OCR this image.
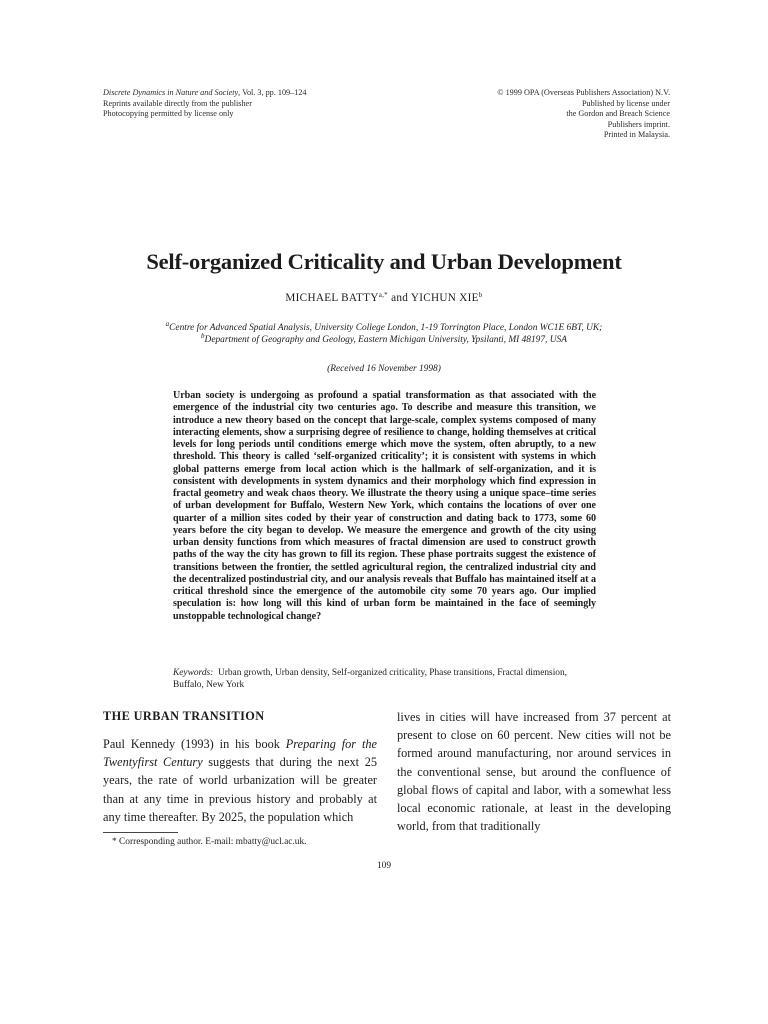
Discrete Dynamics in Nature and Society, Vol. 3, pp. 109–124
Reprints available directly from the publisher
Photocopying permitted by license only
© 1999 OPA (Overseas Publishers Association) N.V.
Published by license under
the Gordon and Breach Science
Publishers imprint.
Printed in Malaysia.
Self-organized Criticality and Urban Development
MICHAEL $BATTY^{a,*}$ and YICHUN XIE$^b$
$^a$Centre for Advanced Spatial Analysis, University College London, 1-19 Torrington Place, London WC1E 6BT, UK;
$^b$Department of Geography and Geology, Eastern Michigan University, Ypsilanti, MI 48197, USA
(Received 16 November 1998)
Urban society is undergoing as profound a spatial transformation as that associated with the emergence of the industrial city two centuries ago. To describe and measure this transition, we introduce a new theory based on the concept that large-scale, complex systems composed of many interacting elements, show a surprising degree of resilience to change, holding themselves at critical levels for long periods until conditions emerge which move the system, often abruptly, to a new threshold. This theory is called ‘self-organized criticality’; it is consistent with systems in which global patterns emerge from local action which is the hallmark of self-organization, and it is consistent with developments in system dynamics and their morphology which find expression in fractal geometry and weak chaos theory. We illustrate the theory using a unique space–time series of urban development for Buffalo, Western New York, which contains the locations of over one quarter of a million sites coded by their year of construction and dating back to 1773, some 60 years before the city began to develop. We measure the emergence and growth of the city using urban density functions from which measures of fractal dimension are used to construct growth paths of the way the city has grown to fill its region. These phase portraits suggest the existence of transitions between the frontier, the settled agricultural region, the centralized industrial city and the decentralized postindustrial city, and our analysis reveals that Buffalo has maintained itself at a critical threshold since the emergence of the automobile city some 70 years ago. Our implied speculation is: how long will this kind of urban form be maintained in the face of seemingly unstoppable technological change?
Keywords: Urban growth, Urban density, Self-organized criticality, Phase transitions, Fractal dimension, Buffalo, New York
THE URBAN TRANSITION
Paul Kennedy (1993) in his book Preparing for the Twentyfirst Century suggests that during the next 25 years, the rate of world urbanization will be greater than at any time in previous history and probably at any time thereafter. By 2025, the population which
lives in cities will have increased from 37 percent at present to close on 60 percent. New cities will not be formed around manufacturing, nor around services in the conventional sense, but around the confluence of global flows of capital and labor, with a somewhat less local economic rationale, at least in the developing world, from that traditionally
* Corresponding author. E-mail: mbatty@ucl.ac.uk.
109
